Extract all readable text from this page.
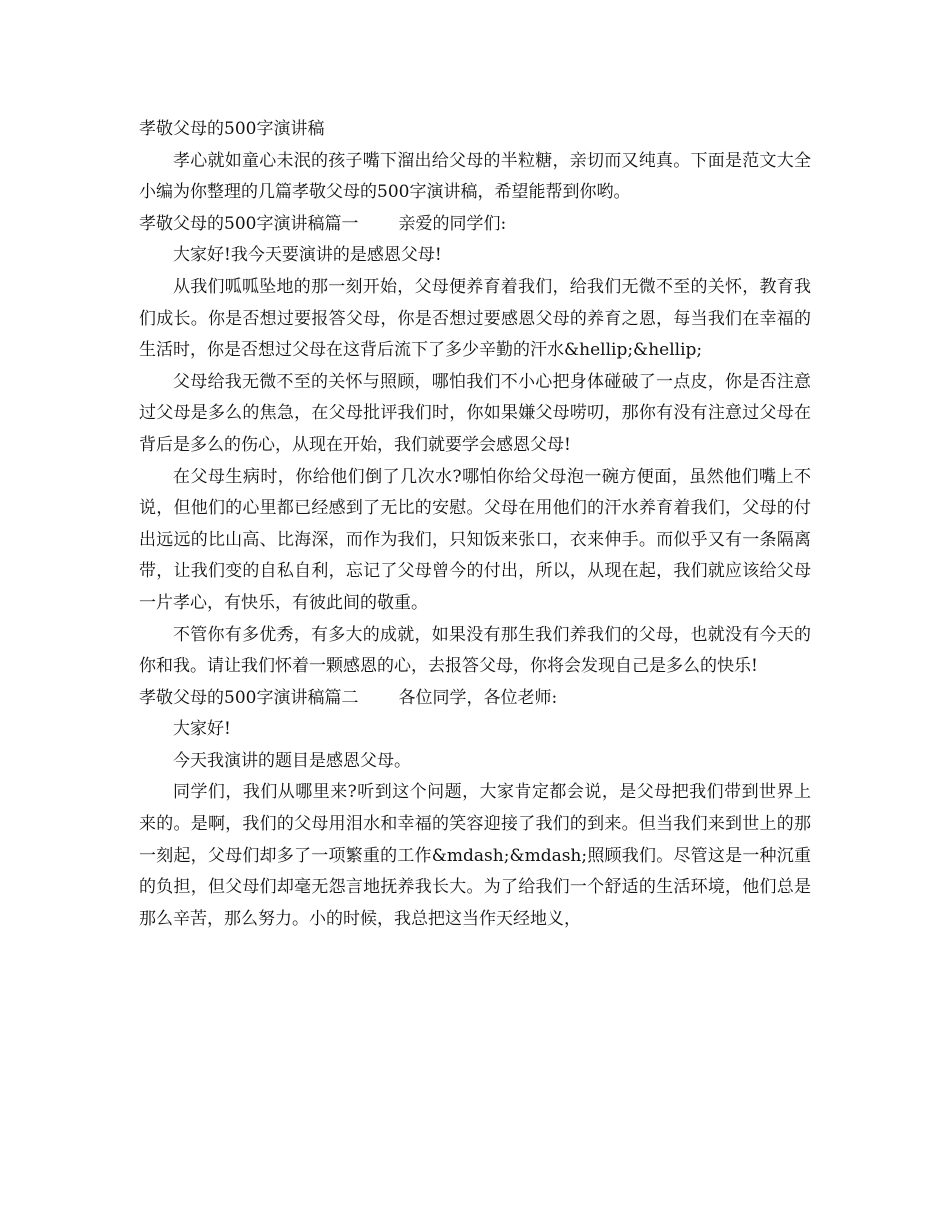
孝敬父母的500字演讲稿
孝心就如童心未泯的孩子嘴下溜出给父母的半粒糖，亲切而又纯真。下面是范文大全小编为你整理的几篇孝敬父母的500字演讲稿，希望能帮到你哟。
孝敬父母的500字演讲稿篇一 亲爱的同学们:
大家好!我今天要演讲的是感恩父母!
从我们呱呱坠地的那一刻开始，父母便养育着我们，给我们无微不至的关怀，教育我们成长。你是否想过要报答父母，你是否想过要感恩父母的养育之恩，每当我们在幸福的生活时，你是否想过父母在这背后流下了多少辛勤的汗水&hellip;&hellip;
父母给我无微不至的关怀与照顾，哪怕我们不小心把身体碰破了一点皮，你是否注意过父母是多么的焦急，在父母批评我们时，你如果嫌父母唠叨，那你有没有注意过父母在背后是多么的伤心，从现在开始，我们就要学会感恩父母!
在父母生病时，你给他们倒了几次水?哪怕你给父母泡一碗方便面，虽然他们嘴上不说，但他们的心里都已经感到了无比的安慰。父母在用他们的汗水养育着我们，父母的付出远远的比山高、比海深，而作为我们，只知饭来张口，衣来伸手。而似乎又有一条隔离带，让我们变的自私自利，忘记了父母曾今的付出，所以，从现在起，我们就应该给父母一片孝心，有快乐，有彼此间的敬重。
不管你有多优秀，有多大的成就，如果没有那生我们养我们的父母，也就没有今天的你和我。请让我们怀着一颗感恩的心，去报答父母，你将会发现自己是多么的快乐!
孝敬父母的500字演讲稿篇二 各位同学，各位老师:
大家好!
今天我演讲的题目是感恩父母。
同学们，我们从哪里来?听到这个问题，大家肯定都会说，是父母把我们带到世界上来的。是啊，我们的父母用泪水和幸福的笑容迎接了我们的到来。但当我们来到世上的那一刻起，父母们却多了一项繁重的工作&mdash;&mdash;照顾我们。尽管这是一种沉重的负担，但父母们却毫无怨言地抚养我长大。为了给我们一个舒适的生活环境，他们总是那么辛苦，那么努力。小的时候，我总把这当作天经地义，
